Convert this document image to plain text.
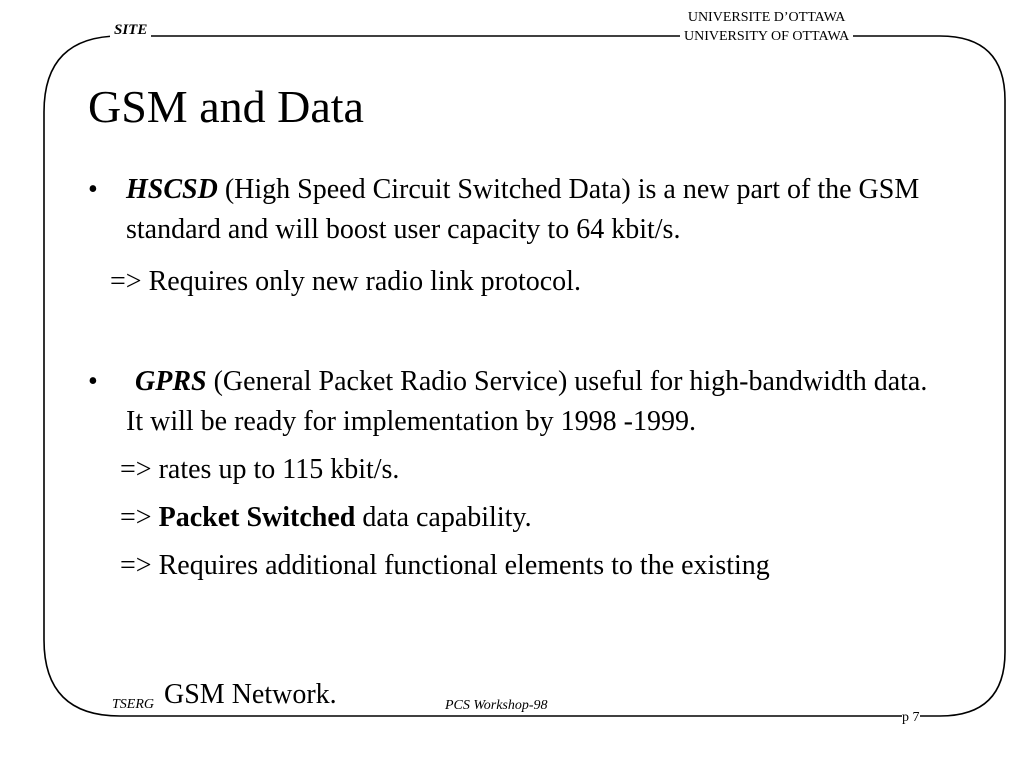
SITE
UNIVERSITE D’OTTAWA
UNIVERSITY OF OTTAWA
GSM and Data
• HSCSD (High Speed Circuit Switched Data) is a new part of the GSM standard and will boost user capacity to 64 kbit/s.
=> Requires only new radio link protocol.
• GPRS (General Packet Radio Service) useful for high-bandwidth data. It will be ready for implementation by 1998 -1999.
=> rates up to 115 kbit/s.
=> Packet Switched data capability.
=> Requires additional functional elements to the existing
TSERG GSM Network.	PCS Workshop-98
p 7
